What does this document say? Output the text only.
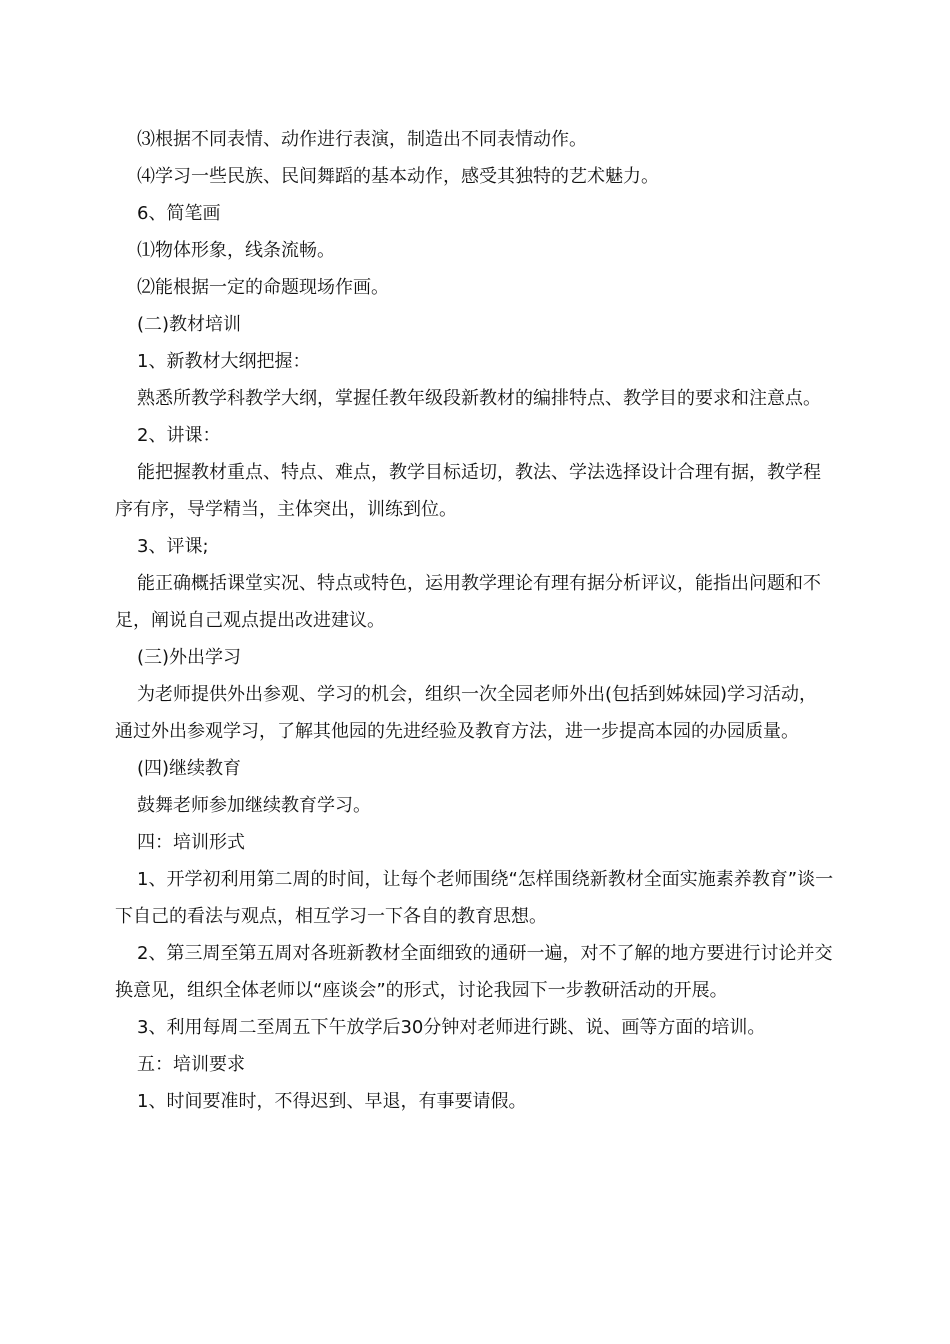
⑶根据不同表情、动作进行表演，制造出不同表情动作。

⑷学习一些民族、民间舞蹈的基本动作，感受其独特的艺术魅力。

6、简笔画

⑴物体形象，线条流畅。

⑵能根据一定的命题现场作画。

(二)教材培训

1、新教材大纲把握：

熟悉所教学科教学大纲，掌握任教年级段新教材的编排特点、教学目的要求和注意点。

2、讲课：

能把握教材重点、特点、难点，教学目标适切，教法、学法选择设计合理有据，教学程序有序，导学精当，主体突出，训练到位。

3、评课;

能正确概括课堂实况、特点或特色，运用教学理论有理有据分析评议，能指出问题和不足，阐说自己观点提出改进建议。

(三)外出学习

为老师提供外出参观、学习的机会，组织一次全园老师外出(包括到姊妹园)学习活动，通过外出参观学习，了解其他园的先进经验及教育方法，进一步提高本园的办园质量。

(四)继续教育

鼓舞老师参加继续教育学习。

四：培训形式

1、开学初利用第二周的时间，让每个老师围绕“怎样围绕新教材全面实施素养教育”谈一下自己的看法与观点，相互学习一下各自的教育思想。

2、第三周至第五周对各班新教材全面细致的通研一遍，对不了解的地方要进行讨论并交换意见，组织全体老师以“座谈会”的形式，讨论我园下一步教研活动的开展。

3、利用每周二至周五下午放学后30分钟对老师进行跳、说、画等方面的培训。

五：培训要求

1、时间要准时，不得迟到、早退，有事要请假。
